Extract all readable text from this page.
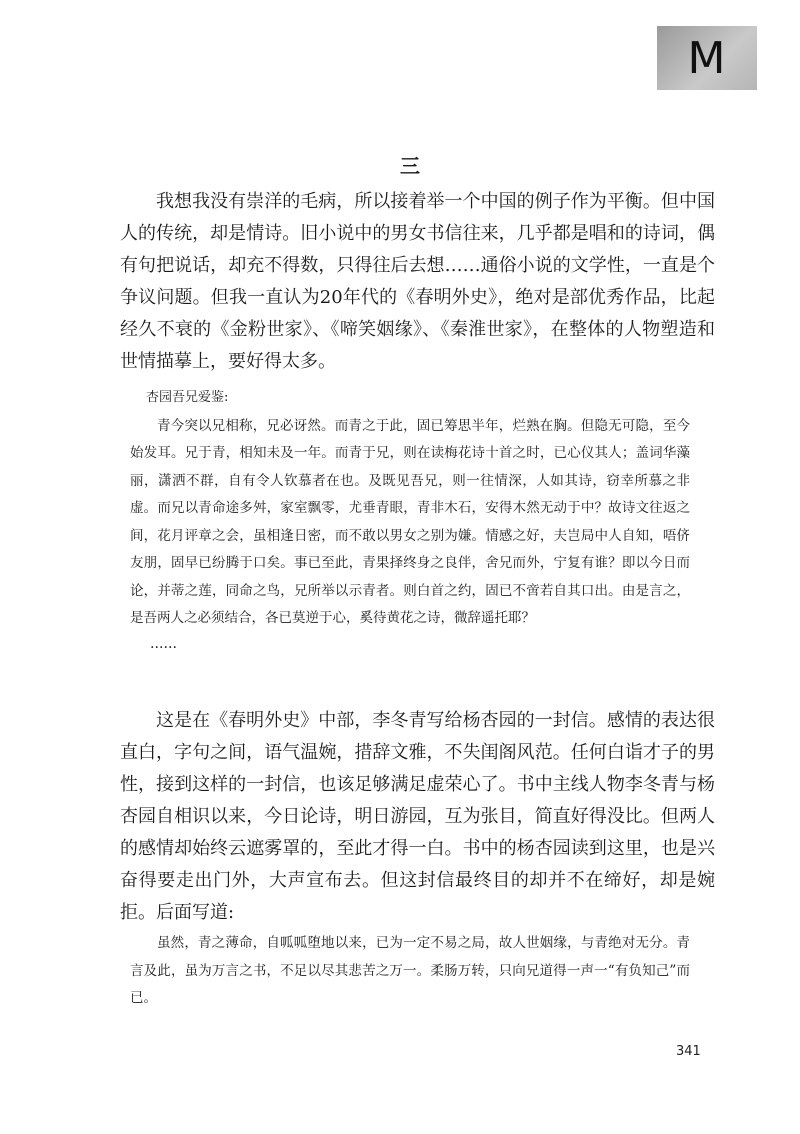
M
三

我想我没有崇洋的毛病，所以接着举一个中国的例子作为平衡。但中国人的传统，却是情诗。旧小说中的男女书信往来，几乎都是唱和的诗词，偶有句把说话，却充不得数，只得往后去想……通俗小说的文学性，一直是个争议问题。但我一直认为20年代的《春明外史》，绝对是部优秀作品，比起经久不衰的《金粉世家》、《啼笑姻缘》、《秦淮世家》，在整体的人物塑造和世情描摹上，要好得太多。

杏园吾兄爱鉴:

青今突以兄相称，兄必讶然。而青之于此，固已筹思半年，烂熟在胸。但隐无可隐，至今始发耳。兄于青，相知未及一年。而青于兄，则在读梅花诗十首之时，已心仪其人；盖词华藻丽，潇洒不群，自有令人钦慕者在也。及既见吾兄，则一往情深，人如其诗，窃幸所慕之非虚。而兄以青命途多舛，家室飘零，尤垂青眼，青非木石，安得木然无动于中？故诗文往返之间，花月评章之会，虽相逢日密，而不敢以男女之别为嫌。情感之好，夫岂局中人自知，唔侪友朋，固早已纷腾于口矣。事已至此，青果择终身之良伴，舍兄而外，宁复有谁？即以今日而论，并蒂之莲，同命之鸟，兄所举以示青者。则白首之约，固已不啻若自其口出。由是言之，是吾两人之必须结合，各已莫逆于心，奚待黄花之诗，微辞遥托耶？

……

这是在《春明外史》中部，李冬青写给杨杏园的一封信。感情的表达很直白，字句之间，语气温婉，措辞文雅，不失闺阁风范。任何白诣才子的男性，接到这样的一封信，也该足够满足虚荣心了。书中主线人物李冬青与杨杏园自相识以来，今日论诗，明日游园，互为张目，简直好得没比。但两人的感情却始终云遮雾罩的，至此才得一白。书中的杨杏园读到这里，也是兴奋得要走出门外，大声宣布去。但这封信最终目的却并不在缔好，却是婉拒。后面写道:

虽然，青之薄命，自呱呱堕地以来，已为一定不易之局，故人世姻缘，与青绝对无分。青言及此，虽为万言之书，不足以尽其悲苦之万一。柔肠万转，只向兄道得一声一“有负知己”而已。

341
